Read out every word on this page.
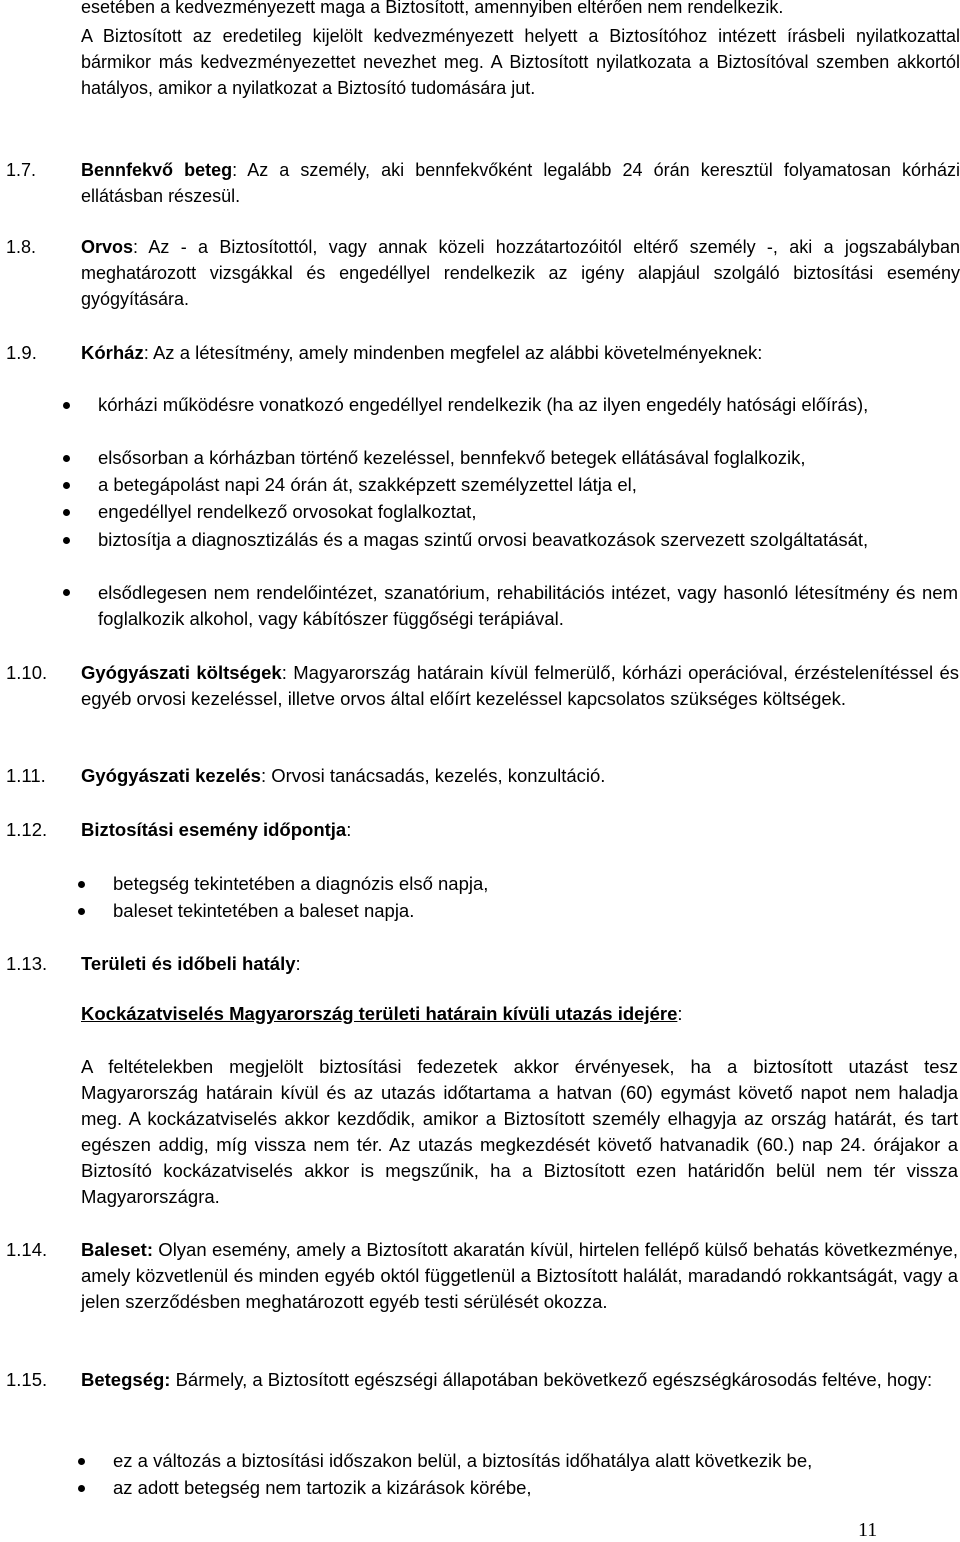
esetében a kedvezményezett maga a Biztosított, amennyiben eltérően nem rendelkezik.
A Biztosított az eredetileg kijelölt kedvezményezett helyett a Biztosítóhoz intézett írásbeli nyilatkozattal bármikor más kedvezményezettet nevezhet meg. A Biztosított nyilatkozata a Biztosítóval szemben akkortól hatályos, amikor a nyilatkozat a Biztosító tudomására jut.
1.7. Bennfekvő beteg: Az a személy, aki bennfekvőként legalább 24 órán keresztül folyamatosan kórházi ellátásban részesül.
1.8. Orvos: Az - a Biztosítottól, vagy annak közeli hozzátartozóitól eltérő személy -, aki a jogszabályban meghatározott vizsgákkal és engedéllyel rendelkezik az igény alapjául szolgáló biztosítási esemény gyógyítására.
1.9. Kórház: Az a létesítmény, amely mindenben megfelel az alábbi követelményeknek:
kórházi működésre vonatkozó engedéllyel rendelkezik (ha az ilyen engedély hatósági előírás),
elsősorban a kórházban történő kezeléssel, bennfekvő betegek ellátásával foglalkozik,
a betegápolást napi 24 órán át, szakképzett személyzettel látja el,
engedéllyel rendelkező orvosokat foglalkoztat,
biztosítja a diagnosztizálás és a magas szintű orvosi beavatkozások szervezett szolgáltatását,
elsődlegesen nem rendelőintézet, szanatórium, rehabilitációs intézet, vagy hasonló létesítmény és nem foglalkozik alkohol, vagy kábítószer függőségi terápiával.
1.10. Gyógyászati költségek: Magyarország határain kívül felmerülő, kórházi operációval, érzéstelenítéssel és egyéb orvosi kezeléssel, illetve orvos által előírt kezeléssel kapcsolatos szükséges költségek.
1.11. Gyógyászati kezelés: Orvosi tanácsadás, kezelés, konzultáció.
1.12. Biztosítási esemény időpontja:
betegség tekintetében a diagnózis első napja,
baleset tekintetében a baleset napja.
1.13. Területi és időbeli hatály:
Kockázatviselés Magyarország területi határain kívüli utazás idejére:
A feltételekben megjelölt biztosítási fedezetek akkor érvényesek, ha a biztosított utazást tesz Magyarország határain kívül és az utazás időtartama a hatvan (60) egymást követő napot nem haladja meg. A kockázatviselés akkor kezdődik, amikor a Biztosított személy elhagyja az ország határát, és tart egészen addig, míg vissza nem tér. Az utazás megkezdését követő hatvanadik (60.) nap 24. órájakor a Biztosító kockázatviselés akkor is megszűnik, ha a Biztosított ezen határidőn belül nem tér vissza Magyarországra.
1.14. Baleset: Olyan esemény, amely a Biztosított akaratán kívül, hirtelen fellépő külső behatás következménye, amely közvetlenül és minden egyéb októl függetlenül a Biztosított halálát, maradandó rokkantságát, vagy a jelen szerződésben meghatározott egyéb testi sérülését okozza.
1.15. Betegség: Bármely, a Biztosított egészségi állapotában bekövetkező egészségkárosodás feltéve, hogy:
ez a változás a biztosítási időszakon belül, a biztosítás időhatálya alatt következik be,
az adott betegség nem tartozik a kizárások körébe,
11
